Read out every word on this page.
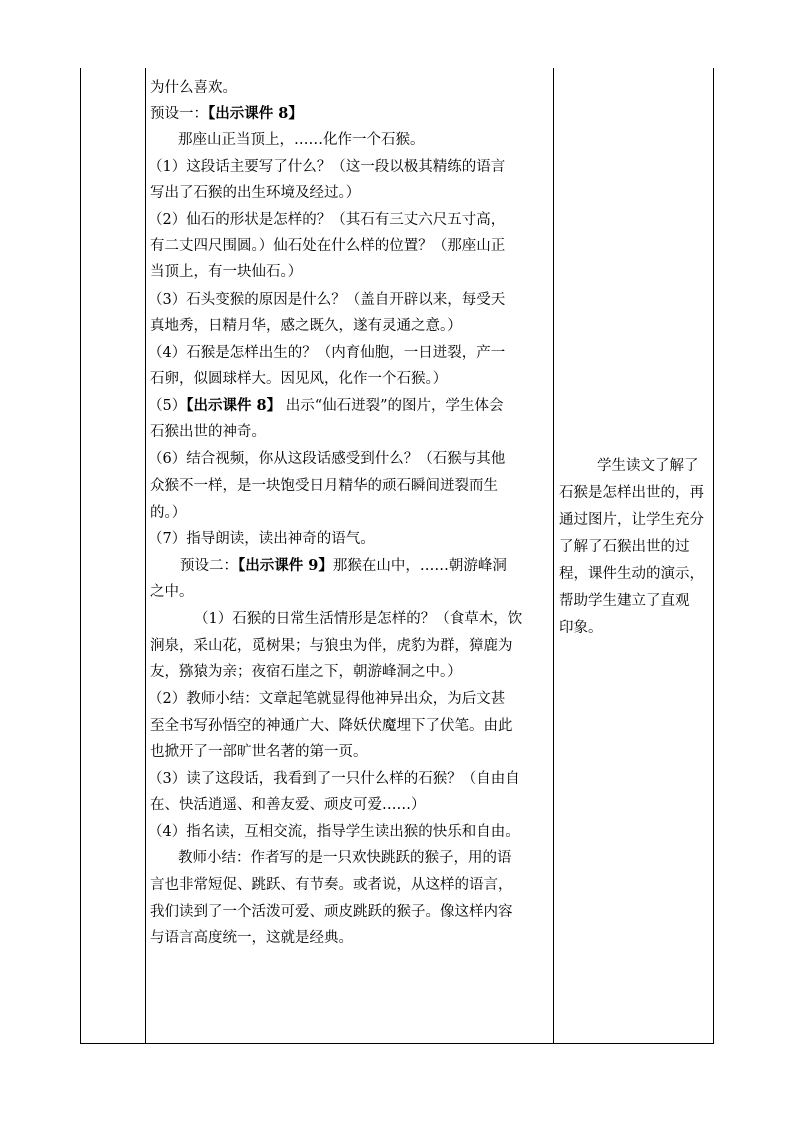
为什么喜欢。
预设一：【出示课件 8】
那座山正当顶上，……化作一个石猴。
（1）这段话主要写了什么？（这一段以极其精练的语言
写出了石猴的出生环境及经过。）
（2）仙石的形状是怎样的？（其石有三丈六尺五寸高，
有二丈四尺围圆。）仙石处在什么样的位置？（那座山正
当顶上，有一块仙石。）
（3）石头变猴的原因是什么？（盖自开辟以来，每受天
真地秀，日精月华，感之既久，遂有灵通之意。）
（4）石猴是怎样出生的？（内育仙胞，一日迸裂，产一
石卵，似圆球样大。因见风，化作一个石猴。）
（5）【出示课件 8】 出示“仙石迸裂”的图片，学生体会
石猴出世的神奇。
（6）结合视频，你从这段话感受到什么？（石猴与其他
众猴不一样，是一块饱受日月精华的顽石瞬间迸裂而生
的。）
（7）指导朗读，读出神奇的语气。
预设二：【出示课件 9】那猴在山中，……朝游峰洞
之中。
（1）石猴的日常生活情形是怎样的？（食草木，饮
涧泉，采山花，觅树果；与狼虫为伴，虎豹为群，獐鹿为
友，猕猿为亲；夜宿石崖之下，朝游峰洞之中。）
（2）教师小结：文章起笔就显得他神异出众，为后文甚
至全书写孙悟空的神通广大、降妖伏魔埋下了伏笔。由此
也掀开了一部旷世名著的第一页。
（3）读了这段话，我看到了一只什么样的石猴？（自由自
在、快活逍遥、和善友爱、顽皮可爱……）
（4）指名读，互相交流，指导学生读出猴的快乐和自由。
教师小结：作者写的是一只欢快跳跃的猴子，用的语
言也非常短促、跳跃、有节奏。或者说，从这样的语言，
我们读到了一个活泼可爱、顽皮跳跃的猴子。像这样内容
与语言高度统一，这就是经典。
学生读文了解了
石猴是怎样出世的，再
通过图片，让学生充分
了解了石猴出世的过
程，课件生动的演示，
帮助学生建立了直观
印象。
